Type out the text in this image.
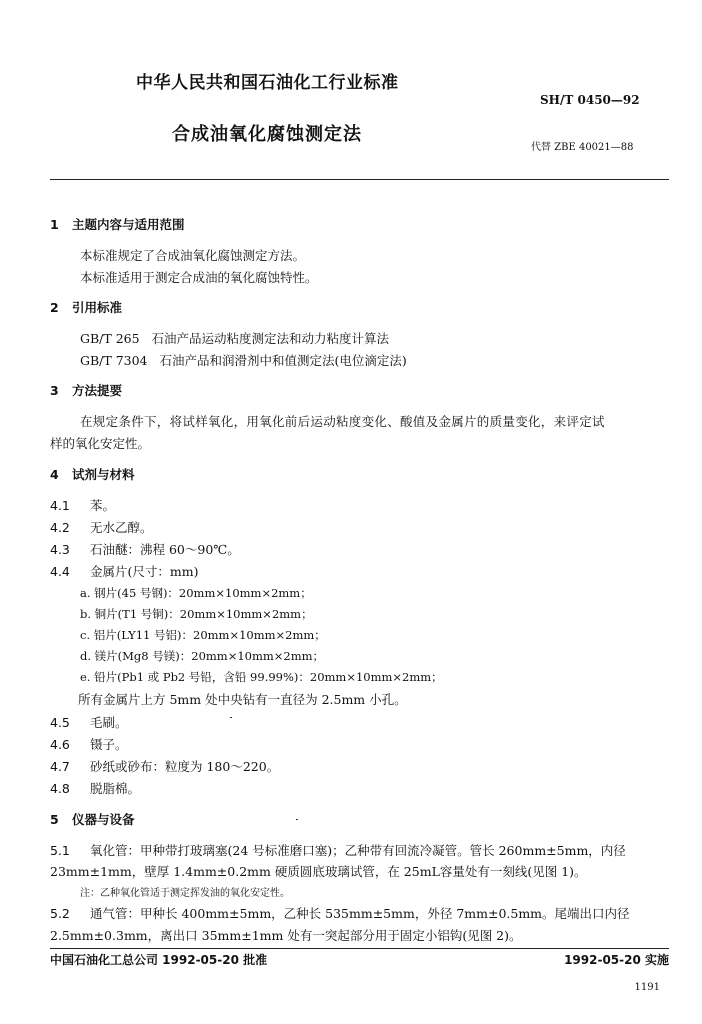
中华人民共和国石油化工行业标准
SH/T 0450—92
合成油氧化腐蚀测定法
代替 ZBE 40021—88
1 主题内容与适用范围
本标准规定了合成油氧化腐蚀测定方法。
本标准适用于测定合成油的氧化腐蚀特性。
2 引用标准
GB/T 265 石油产品运动粘度测定法和动力粘度计算法
GB/T 7304 石油产品和润滑剂中和值测定法(电位滴定法)
3 方法提要
在规定条件下，将试样氧化，用氧化前后运动粘度变化、酸值及金属片的质量变化，来评定试
样的氧化安定性。
4 试剂与材料
4.1 苯。
4.2 无水乙醇。
4.3 石油醚：沸程 60～90℃。
4.4 金属片(尺寸：mm)
a. 钢片(45 号钢)：20mm×10mm×2mm；
b. 铜片(T1 号铜)：20mm×10mm×2mm；
c. 铝片(LY11 号铝)：20mm×10mm×2mm；
d. 镁片(Mg8 号镁)：20mm×10mm×2mm；
e. 铅片(Pb1 或 Pb2 号铅，含铅 99.99%)：20mm×10mm×2mm；
所有金属片上方 5mm 处中央钻有一直径为 2.5mm 小孔。
4.5 毛刷。
4.6 镊子。
4.7 砂纸或砂布：粒度为 180～220。
4.8 脱脂棉。
5 仪器与设备
5.1 氧化管：甲种带打玻璃塞(24 号标准磨口塞)；乙种带有回流冷凝管。管长 260mm±5mm，内径
23mm±1mm，壁厚 1.4mm±0.2mm 硬质圆底玻璃试管，在 25mL容量处有一刻线(见图 1)。
注：乙种氧化管适于测定挥发油的氧化安定性。
5.2 通气管：甲种长 400mm±5mm，乙种长 535mm±5mm，外径 7mm±0.5mm。尾端出口内径
2.5mm±0.3mm，离出口 35mm±1mm 处有一突起部分用于固定小铝钩(见图 2)。
中国石油化工总公司 1992-05-20 批准	1992-05-20 实施
1191
